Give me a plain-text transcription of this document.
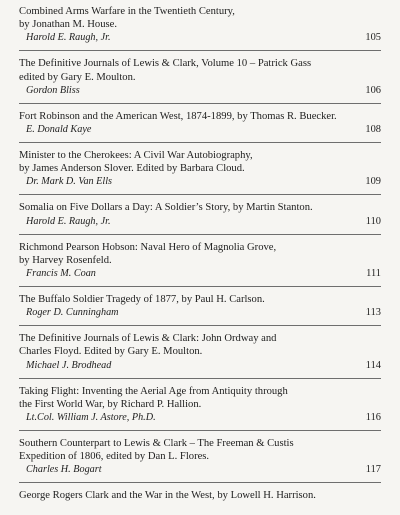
Combined Arms Warfare in the Twentieth Century,
by Jonathan M. House.
Harold E. Raugh, Jr.	105
The Definitive Journals of Lewis & Clark, Volume 10 – Patrick Gass
edited by Gary E. Moulton.
Gordon Bliss	106
Fort Robinson and the American West, 1874-1899, by Thomas R. Buecker.
E. Donald Kaye	108
Minister to the Cherokees: A Civil War Autobiography,
by James Anderson Slover. Edited by Barbara Cloud.
Dr. Mark D. Van Ells	109
Somalia on Five Dollars a Day: A Soldier’s Story, by Martin Stanton.
Harold E. Raugh, Jr.	110
Richmond Pearson Hobson: Naval Hero of Magnolia Grove,
by Harvey Rosenfeld.
Francis M. Coan	111
The Buffalo Soldier Tragedy of 1877, by Paul H. Carlson.
Roger D. Cunningham	113
The Definitive Journals of Lewis & Clark: John Ordway and
Charles Floyd. Edited by Gary E. Moulton.
Michael J. Brodhead	114
Taking Flight: Inventing the Aerial Age from Antiquity through
the First World War, by Richard P. Hallion.
Lt.Col. William J. Astore, Ph.D.	116
Southern Counterpart to Lewis & Clark – The Freeman & Custis
Expedition of 1806, edited by Dan L. Flores.
Charles H. Bogart	117
George Rogers Clark and the War in the West, by Lowell H. Harrison.
